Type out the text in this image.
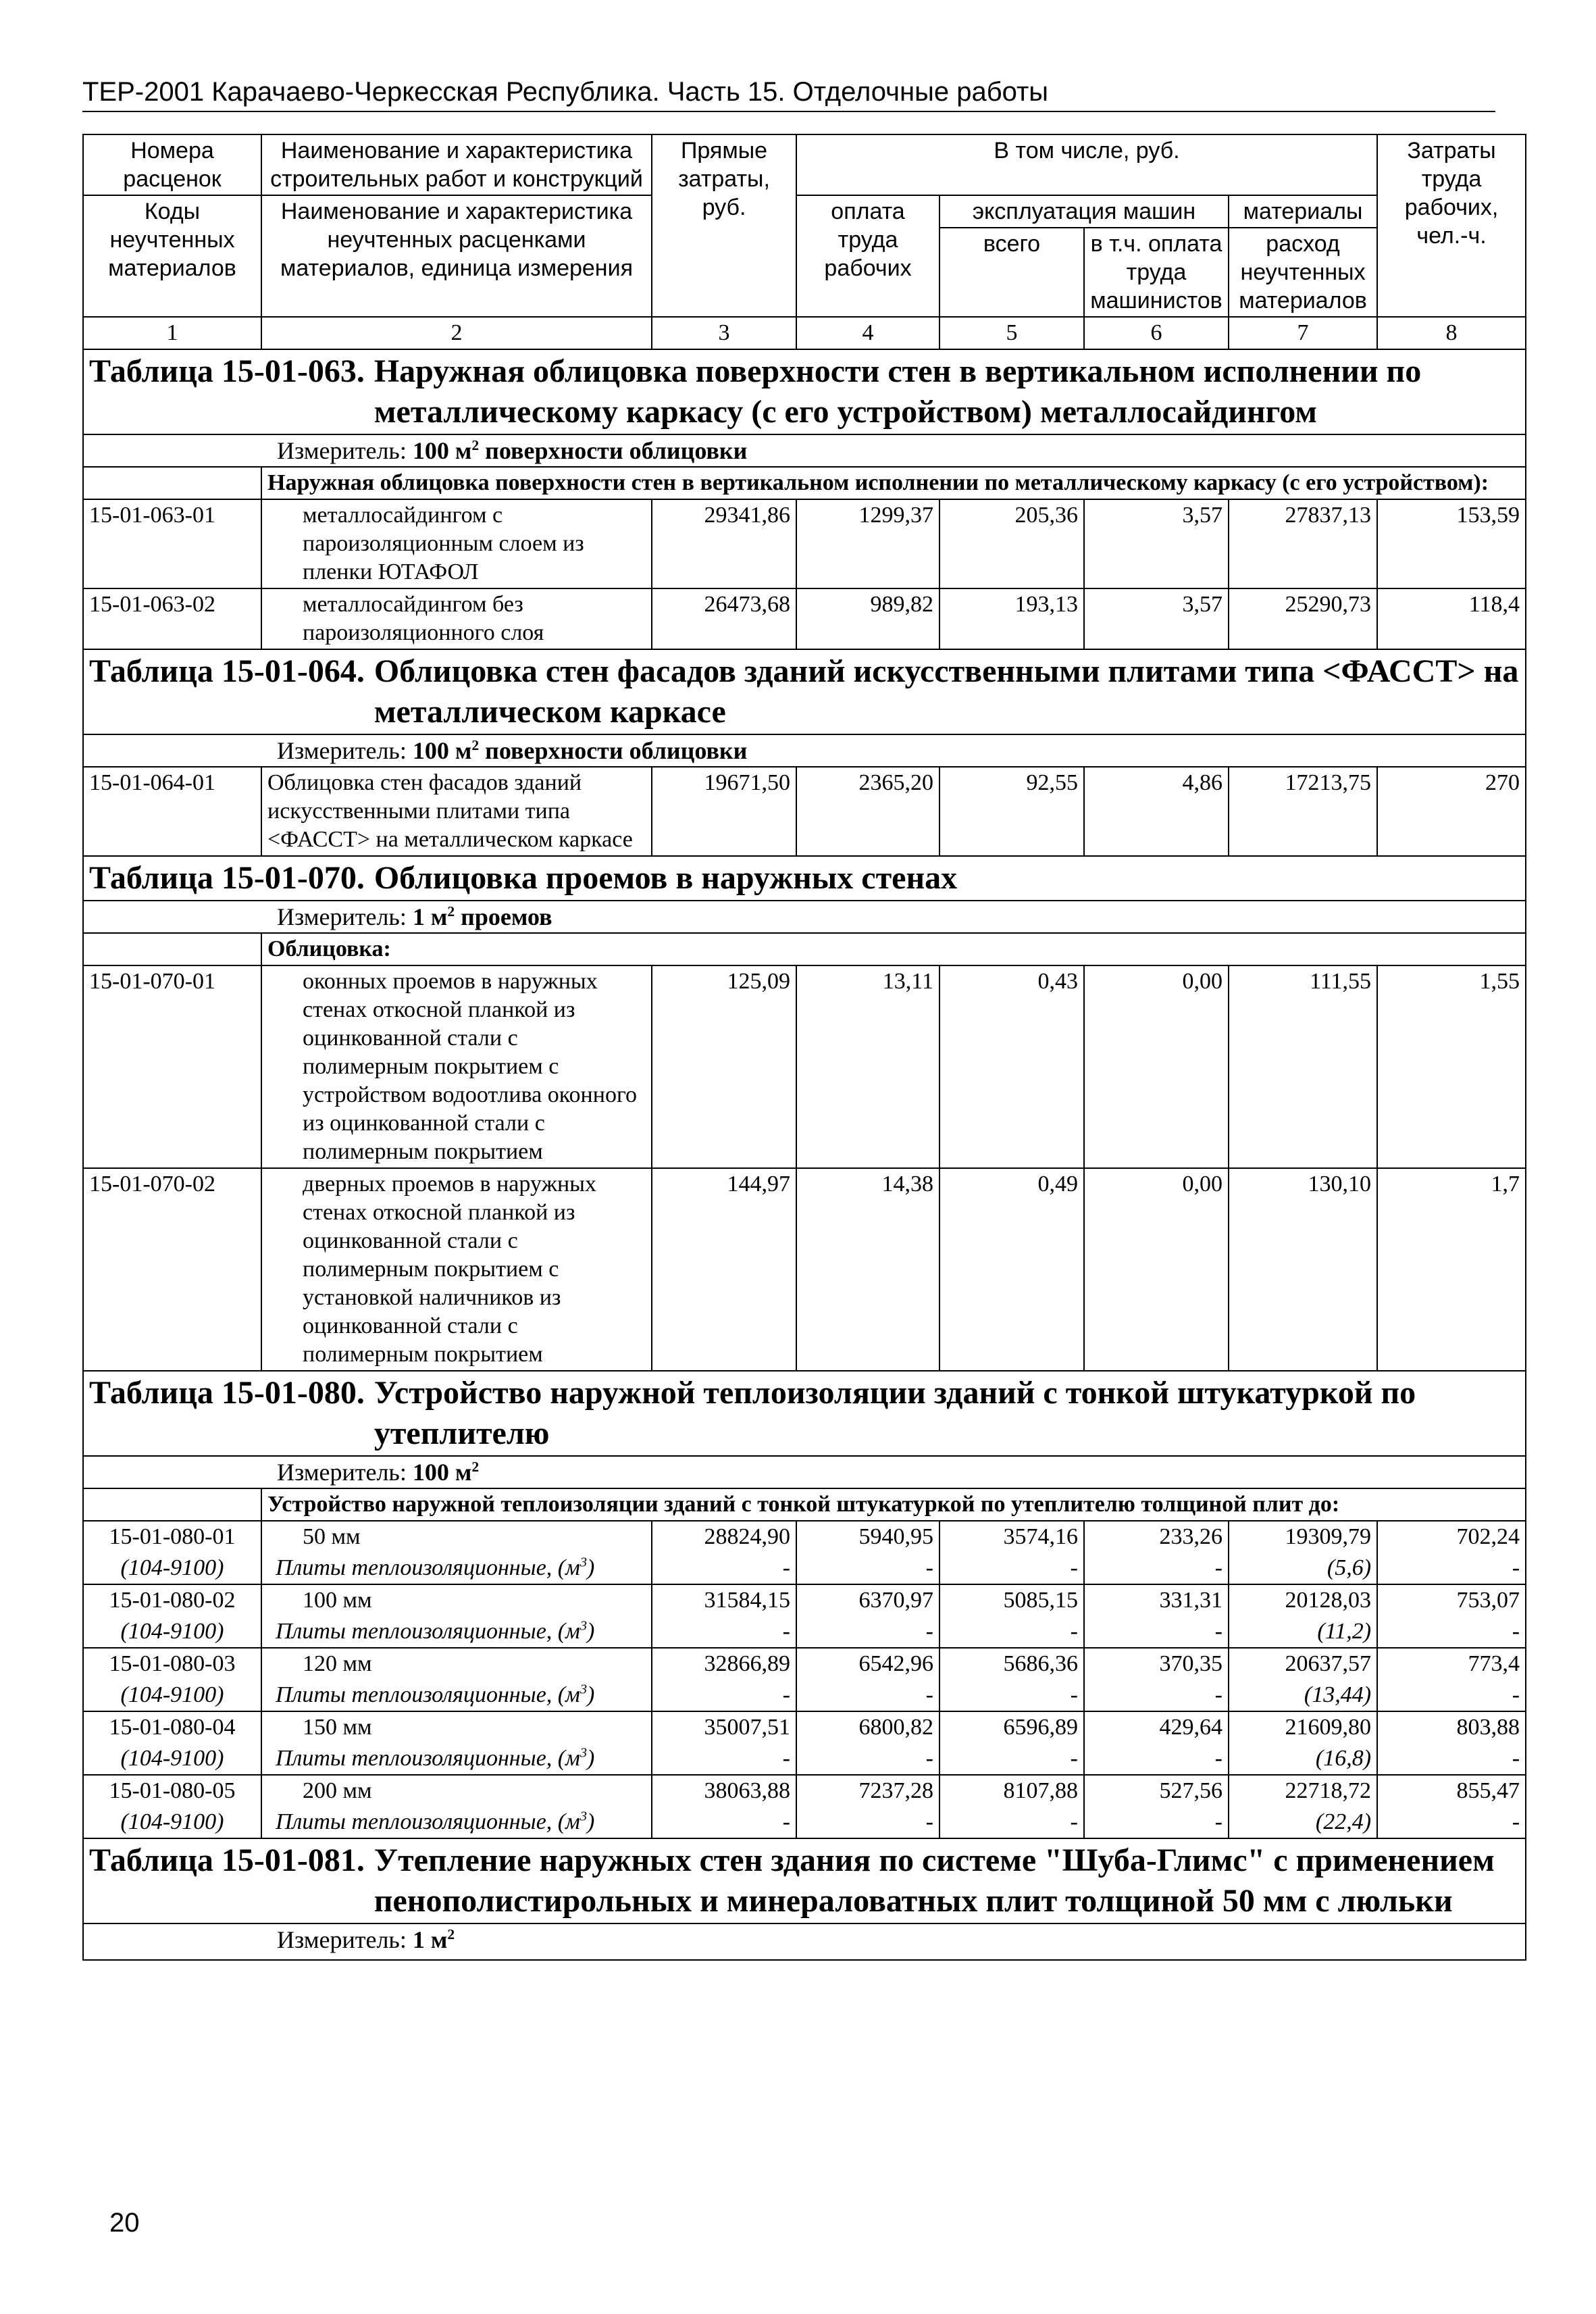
ТЕР-2001 Карачаево-Черкесская Республика. Часть 15. Отделочные работы
Номера расценок	Наименование и характеристика строительных работ и конструкций	Прямые затраты, руб.	В том числе, руб.				Затраты труда рабочих, чел.-ч.
Коды неучтенных материалов	Наименование и характеристика неучтенных расценками материалов, единица измерения		оплата труда рабочих	эксплуатация машин		материалы	
				всего	в т.ч. оплата труда машинистов	расход неучтенных материалов	
1	2	3	4	5	6	7	8

Таблица 15-01-063. Наружная облицовка поверхности стен в вертикальном исполнении по металлическому каркасу (с его устройством) металлосайдингом							

Измеритель: 100 $м^2$ поверхности облицовки							

	Наружная облицовка поверхности стен в вертикальном исполнении по металлическому каркасу (с его устройством):						
15-01-063-01	металлосайдингом с пароизоляционным слоем из пленки ЮТАФОЛ	29341,86	1299,37	205,36	3,57	27837,13	153,59
15-01-063-02	металлосайдингом без пароизоляционного слоя	26473,68	989,82	193,13	3,57	25290,73	118,4

Таблица 15-01-064. Облицовка стен фасадов зданий искусственными плитами типа <ФАССТ> на металлическом каркасе							

Измеритель: 100 $м^2$ поверхности облицовки							

15-01-064-01	Облицовка стен фасадов зданий искусственными плитами типа <ФАССТ> на металлическом каркасе	19671,50	2365,20	92,55	4,86	17213,75	270

Таблица 15-01-070. Облицовка проемов в наружных стенах							

Измеритель: 1 $м^2$ проемов							

	Облицовка:						
15-01-070-01	оконных проемов в наружных стенах откосной планкой из оцинкованной стали с полимерным покрытием с устройством водоотлива оконного из оцинкованной стали с полимерным покрытием	125,09	13,11	0,43	0,00	111,55	1,55
15-01-070-02	дверных проемов в наружных стенах откосной планкой из оцинкованной стали с полимерным покрытием с установкой наличников из оцинкованной стали с полимерным покрытием	144,97	14,38	0,49	0,00	130,10	1,7

Таблица 15-01-080. Устройство наружной теплоизоляции зданий с тонкой штукатуркой по утеплителю							

Измеритель: 100 $м^2$

	Устройство наружной теплоизоляции зданий с тонкой штукатуркой по утеплителю толщиной плит до:						
15-01-080-01	50 мм	28824,90	5940,95	3574,16	233,26	19309,79	702,24
(104-9100)	Плиты теплоизоляционные, $(м^3)$	-	-	-	-	(5,6)	-
15-01-080-02	100 мм	31584,15	6370,97	5085,15	331,31	20128,03	753,07
(104-9100)	Плиты теплоизоляционные, $(м^3)$	-	-	-	-	(11,2)	-
15-01-080-03	120 мм	32866,89	6542,96	5686,36	370,35	20637,57	773,4
(104-9100)	Плиты теплоизоляционные, $(м^3)$	-	-	-	-	(13,44)	-
15-01-080-04	150 мм	35007,51	6800,82	6596,89	429,64	21609,80	803,88
(104-9100)	Плиты теплоизоляционные, $(м^3)$	-	-	-	-	(16,8)	-
15-01-080-05	200 мм	38063,88	7237,28	8107,88	527,56	22718,72	855,47
(104-9100)	Плиты теплоизоляционные, $(м^3)$	-	-	-	-	(22,4)	-

Таблица 15-01-081. Утепление наружных стен здания по системе "Шуба-Глимс" с применением пенополистирольных и минераловатных плит толщиной 50 мм с люльки							

Измеритель: 1 $м^2$
20
